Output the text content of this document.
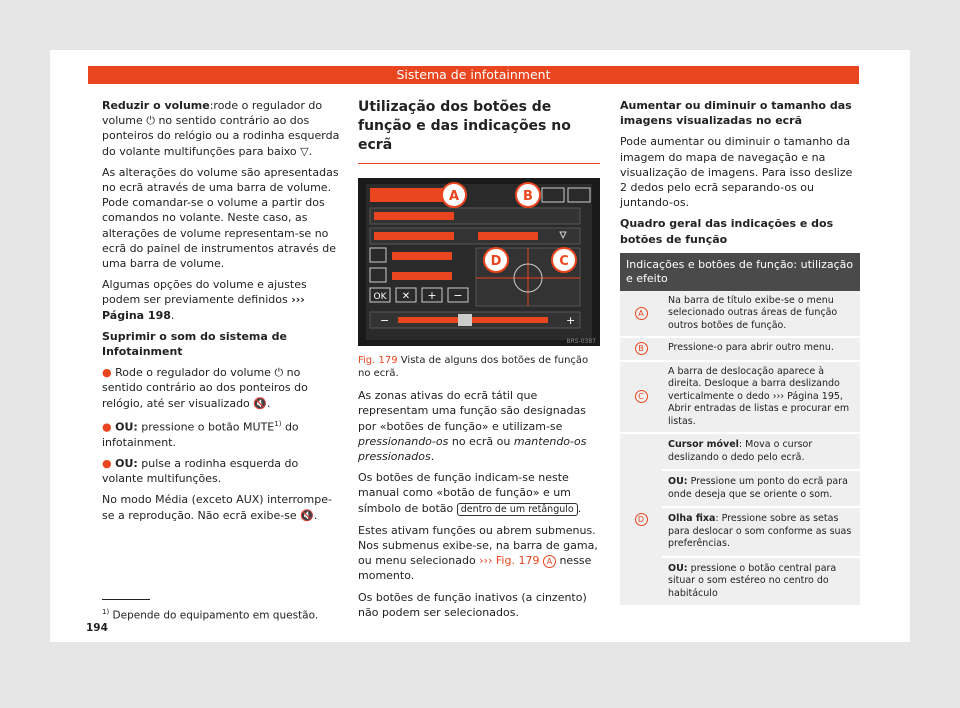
Sistema de infotainment

Reduzir o volume:rode o regulador do volume ⏻ no sentido contrário ao dos ponteiros do relógio ou a rodinha esquerda do volante multifunções para baixo ▽.

As alterações do volume são apresentadas no ecrã através de uma barra de volume. Pode comandar-se o volume a partir dos comandos no volante. Neste caso, as alterações de volume representam-se no ecrã do painel de instrumentos através de uma barra de volume.

Algumas opções do volume e ajustes podem ser previamente definidos ››› Página 198.

Suprimir o som do sistema de Infotainment

● Rode o regulador do volume ⏻ no sentido contrário ao dos ponteiros do relógio, até ser visualizado 🔇.

● OU: pressione o botão MUTE$^{1)}$ do infotainment.

● OU: pulse a rodinha esquerda do volante multifunções.

No modo Média (exceto AUX) interrompe-se a reprodução. Não ecrã exibe-se 🔇.

Utilização dos botões de função e das indicações no ecrã
OK ✕ + −
−	+
A	B
C
D
BRS-0387
Fig. 179 Vista de alguns dos botões de função no ecrã.

As zonas ativas do ecrã tátil que representam uma função são designadas por «botões de função» e utilizam-se pressionando-os no ecrã ou mantendo-os pressionados.

Os botões de função indicam-se neste manual como «botão de função» e um símbolo de botão dentro de um retângulo .

Estes ativam funções ou abrem submenus. Nos submenus exibe-se, na barra de gama, ou menu selecionado ››› Fig. 179 A nesse momento.

Os botões de função inativos (a cinzento) não podem ser selecionados.

Aumentar ou diminuir o tamanho das imagens visualizadas no ecrã

Pode aumentar ou diminuir o tamanho da imagem do mapa de navegação e na visualização de imagens. Para isso deslize 2 dedos pelo ecrã separando-os ou juntando-os.

Quadro geral das indicações e dos botões de função

Indicações e botões de função: utilização e efeito	
A	Na barra de título exibe-se o menu selecionado outras áreas de função outros botões de função.
B	Pressione-o para abrir outro menu.
C	A barra de deslocação aparece à direita. Desloque a barra deslizando verticalmente o dedo ››› Página 195, Abrir entradas de listas e procurar em listas.
D	Cursor móvel: Mova o cursor deslizando o dedo pelo ecrã.
	OU: Pressione um ponto do ecrã para onde deseja que se oriente o som.
	Olha fixa: Pressione sobre as setas para deslocar o som conforme as suas preferências.
	OU: pressione o botão central para situar o som estéreo no centro do habitáculo
$^{1)}$ Depende do equipamento em questão.
194
